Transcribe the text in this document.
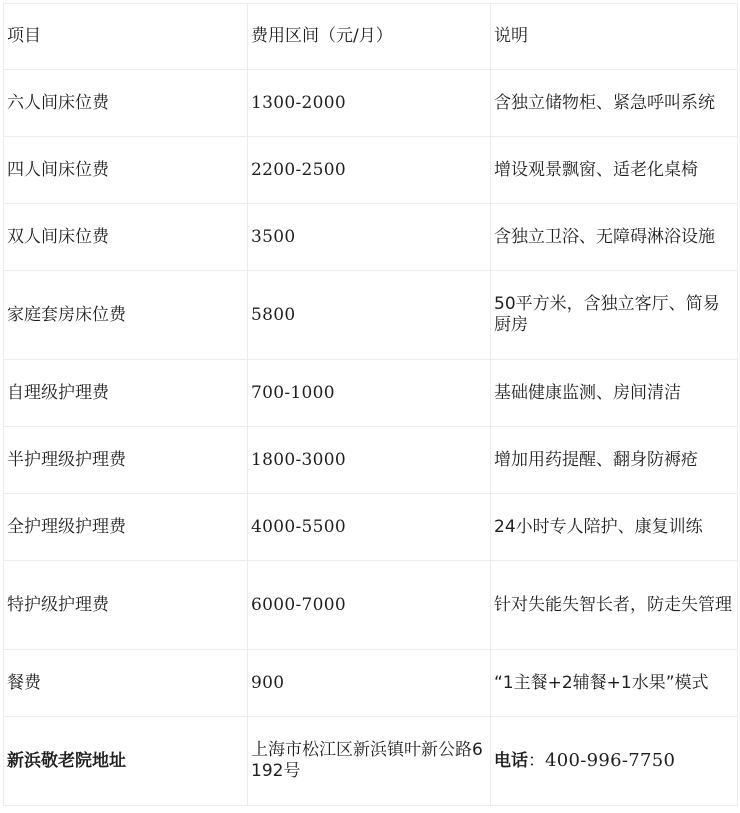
项目	费用区间（元/月）	说明
六人间床位费	1300-2000	含独立储物柜、紧急呼叫系统
四人间床位费	2200-2500	增设观景飘窗、适老化桌椅
双人间床位费	3500	含独立卫浴、无障碍淋浴设施
家庭套房床位费	5800	50平方米，含独立客厅、简易厨房
自理级护理费	700-1000	基础健康监测、房间清洁
半护理级护理费	1800-3000	增加用药提醒、翻身防褥疮
全护理级护理费	4000-5500	24小时专人陪护、康复训练
特护级护理费	6000-7000	针对失能失智长者，防走失管理
餐费	900	“1主餐+2辅餐+1水果”模式
新浜敬老院地址	上海市松江区新浜镇叶新公路6192号	电话：400-996-7750
